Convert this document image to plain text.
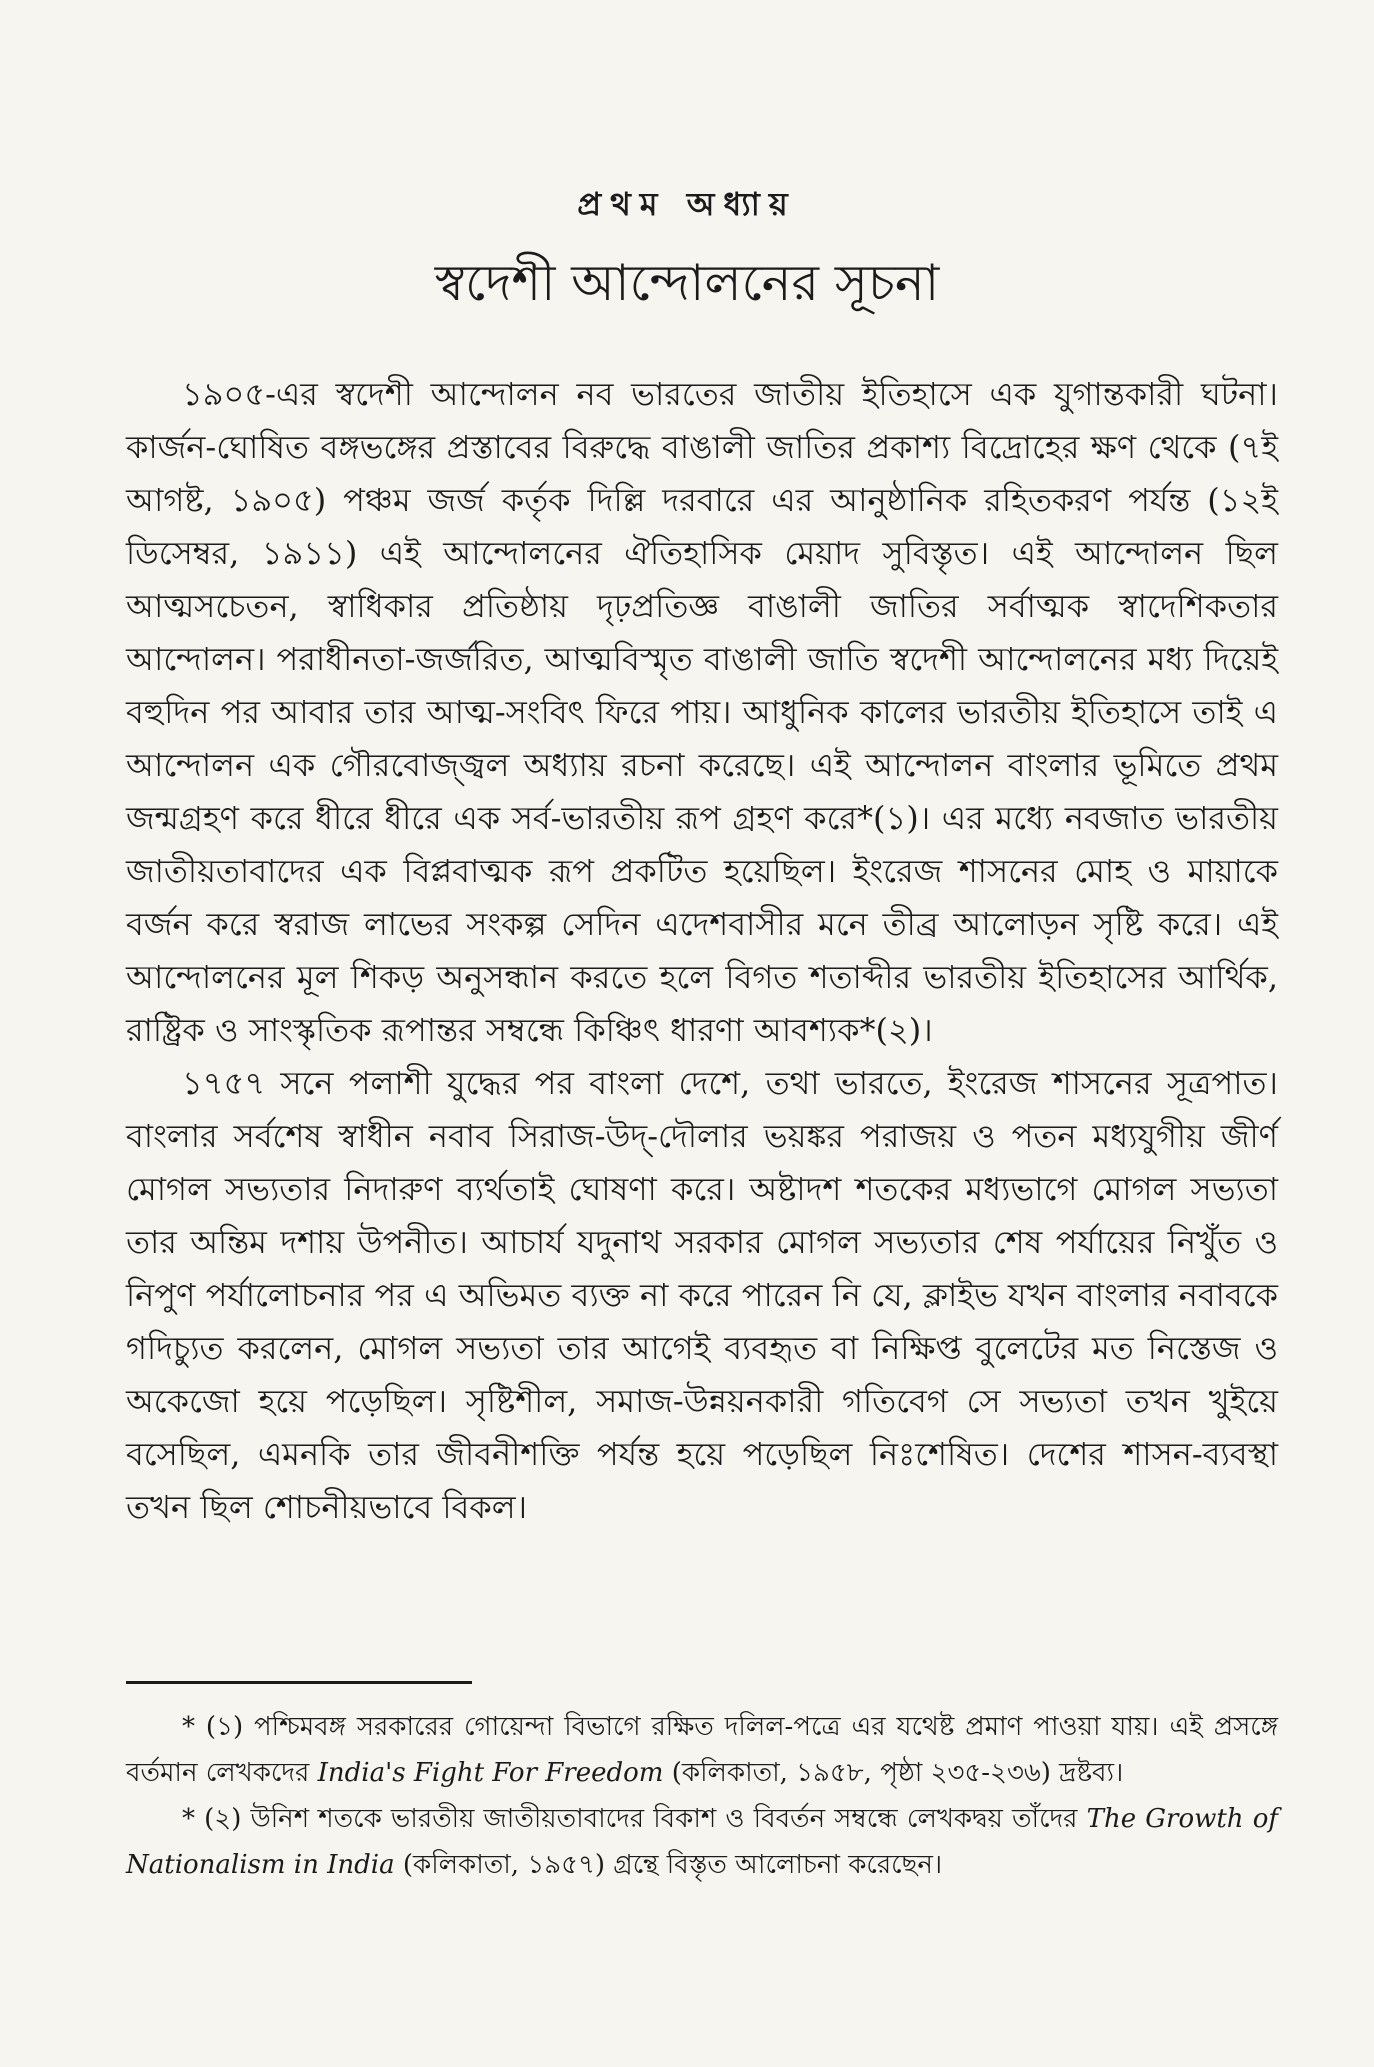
প্রথম অধ্যায়
স্বদেশী আন্দোলনের সূচনা

১৯০৫-এর স্বদেশী আন্দোলন নব ভারতের জাতীয় ইতিহাসে এক যুগান্তকারী ঘটনা। কার্জন-ঘোষিত বঙ্গভঙ্গের প্রস্তাবের বিরুদ্ধে বাঙালী জাতির প্রকাশ্য বিদ্রোহের ক্ষণ থেকে (৭ই আগষ্ট, ১৯০৫) পঞ্চম জর্জ কর্তৃক দিল্লি দরবারে এর আনুষ্ঠানিক রহিতকরণ পর্যন্ত (১২ই ডিসেম্বর, ১৯১১) এই আন্দোলনের ঐতিহাসিক মেয়াদ সুবিস্তৃত। এই আন্দোলন ছিল আত্মসচেতন, স্বাধিকার প্রতিষ্ঠায় দৃঢ়প্রতিজ্ঞ বাঙালী জাতির সর্বাত্মক স্বাদেশিকতার আন্দোলন। পরাধীনতা-জর্জরিত, আত্মবিস্মৃত বাঙালী জাতি স্বদেশী আন্দোলনের মধ্য দিয়েই বহুদিন পর আবার তার আত্ম-সংবিৎ ফিরে পায়। আধুনিক কালের ভারতীয় ইতিহাসে তাই এ আন্দোলন এক গৌরবোজ্জ্বল অধ্যায় রচনা করেছে। এই আন্দোলন বাংলার ভূমিতে প্রথম জন্মগ্রহণ করে ধীরে ধীরে এক সর্ব-ভারতীয় রূপ গ্রহণ করে*(১)। এর মধ্যে নবজাত ভারতীয় জাতীয়তাবাদের এক বিপ্লবাত্মক রূপ প্রকটিত হয়েছিল। ইংরেজ শাসনের মোহ ও মায়াকে বর্জন করে স্বরাজ লাভের সংকল্প সেদিন এদেশবাসীর মনে তীব্র আলোড়ন সৃষ্টি করে। এই আন্দোলনের মূল শিকড় অনুসন্ধান করতে হলে বিগত শতাব্দীর ভারতীয় ইতিহাসের আর্থিক, রাষ্ট্রিক ও সাংস্কৃতিক রূপান্তর সম্বন্ধে কিঞ্চিৎ ধারণা আবশ্যক*(২)।

১৭৫৭ সনে পলাশী যুদ্ধের পর বাংলা দেশে, তথা ভারতে, ইংরেজ শাসনের সূত্রপাত। বাংলার সর্বশেষ স্বাধীন নবাব সিরাজ-উদ্-দৌলার ভয়ঙ্কর পরাজয় ও পতন মধ্যযুগীয় জীর্ণ মোগল সভ্যতার নিদারুণ ব্যর্থতাই ঘোষণা করে। অষ্টাদশ শতকের মধ্যভাগে মোগল সভ্যতা তার অন্তিম দশায় উপনীত। আচার্য যদুনাথ সরকার মোগল সভ্যতার শেষ পর্যায়ের নিখুঁত ও নিপুণ পর্যালোচনার পর এ অভিমত ব্যক্ত না করে পারেন নি যে, ক্লাইভ যখন বাংলার নবাবকে গদিচ্যুত করলেন, মোগল সভ্যতা তার আগেই ব্যবহৃত বা নিক্ষিপ্ত বুলেটের মত নিস্তেজ ও অকেজো হয়ে পড়েছিল। সৃষ্টিশীল, সমাজ-উন্নয়নকারী গতিবেগ সে সভ্যতা তখন খুইয়ে বসেছিল, এমনকি তার জীবনীশক্তি পর্যন্ত হয়ে পড়েছিল নিঃশেষিত। দেশের শাসন-ব্যবস্থা তখন ছিল শোচনীয়ভাবে বিকল।

* (১) পশ্চিমবঙ্গ সরকারের গোয়েন্দা বিভাগে রক্ষিত দলিল-পত্রে এর যথেষ্ট প্রমাণ পাওয়া যায়। এই প্রসঙ্গে বর্তমান লেখকদের India's Fight For Freedom (কলিকাতা, ১৯৫৮, পৃষ্ঠা ২৩৫-২৩৬) দ্রষ্টব্য।

* (২) উনিশ শতকে ভারতীয় জাতীয়তাবাদের বিকাশ ও বিবর্তন সম্বন্ধে লেখকদ্বয় তাঁদের The Growth of Nationalism in India (কলিকাতা, ১৯৫৭) গ্রন্থে বিস্তৃত আলোচনা করেছেন।
